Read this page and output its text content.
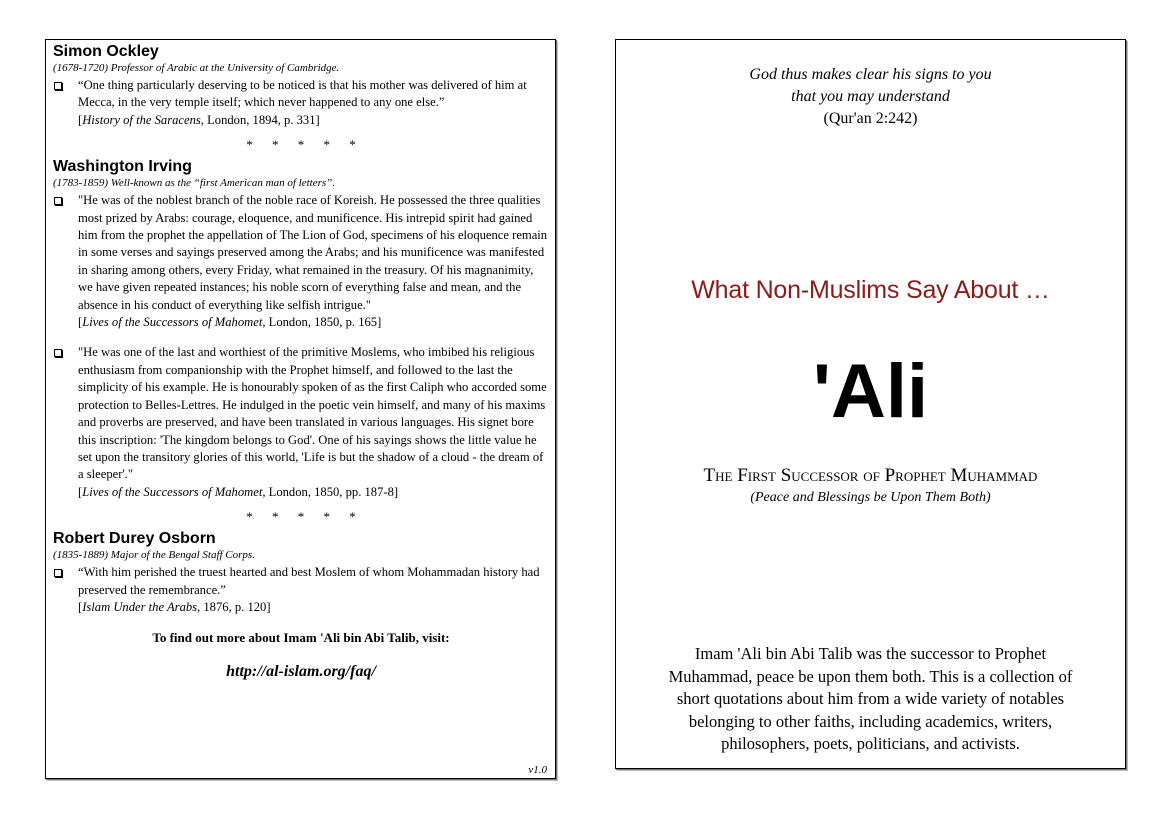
Simon Ockley

(1678-1720) Professor of Arabic at the University of Cambridge.

“One thing particularly deserving to be noticed is that his mother was delivered of him at Mecca, in the very temple itself; which never happened to any one else.”
[History of the Saracens, London, 1894, p. 331]
* * * * *

Washington Irving

(1783-1859) Well-known as the “first American man of letters”.

"He was of the noblest branch of the noble race of Koreish. He possessed the three qualities most prized by Arabs: courage, eloquence, and munificence. His intrepid spirit had gained him from the prophet the appellation of The Lion of God, specimens of his eloquence remain in some verses and sayings preserved among the Arabs; and his munificence was manifested in sharing among others, every Friday, what remained in the treasury. Of his magnanimity, we have given repeated instances; his noble scorn of everything false and mean, and the absence in his conduct of everything like selfish intrigue."
[Lives of the Successors of Mahomet, London, 1850, p. 165]
"He was one of the last and worthiest of the primitive Moslems, who imbibed his religious enthusiasm from companionship with the Prophet himself, and followed to the last the simplicity of his example. He is honourably spoken of as the first Caliph who accorded some protection to Belles-Lettres. He indulged in the poetic vein himself, and many of his maxims and proverbs are preserved, and have been translated in various languages. His signet bore this inscription: 'The kingdom belongs to God'. One of his sayings shows the little value he set upon the transitory glories of this world, 'Life is but the shadow of a cloud - the dream of a sleeper'."
[Lives of the Successors of Mahomet, London, 1850, pp. 187-8]
* * * * *

Robert Durey Osborn

(1835-1889) Major of the Bengal Staff Corps.

“With him perished the truest hearted and best Moslem of whom Mohammadan history had preserved the remembrance.”
[Islam Under the Arabs, 1876, p. 120]
To find out more about Imam 'Ali bin Abi Talib, visit:
http://al-islam.org/faq/
v1.0
God thus makes clear his signs to you
that you may understand
(Qur'an 2:242)
What Non-Muslims Say About …
'Ali
The First Successor of Prophet Muhammad
(Peace and Blessings be Upon Them Both)
Imam 'Ali bin Abi Talib was the successor to Prophet
Muhammad, peace be upon them both. This is a collection of
short quotations about him from a wide variety of notables
belonging to other faiths, including academics, writers,
philosophers, poets, politicians, and activists.
